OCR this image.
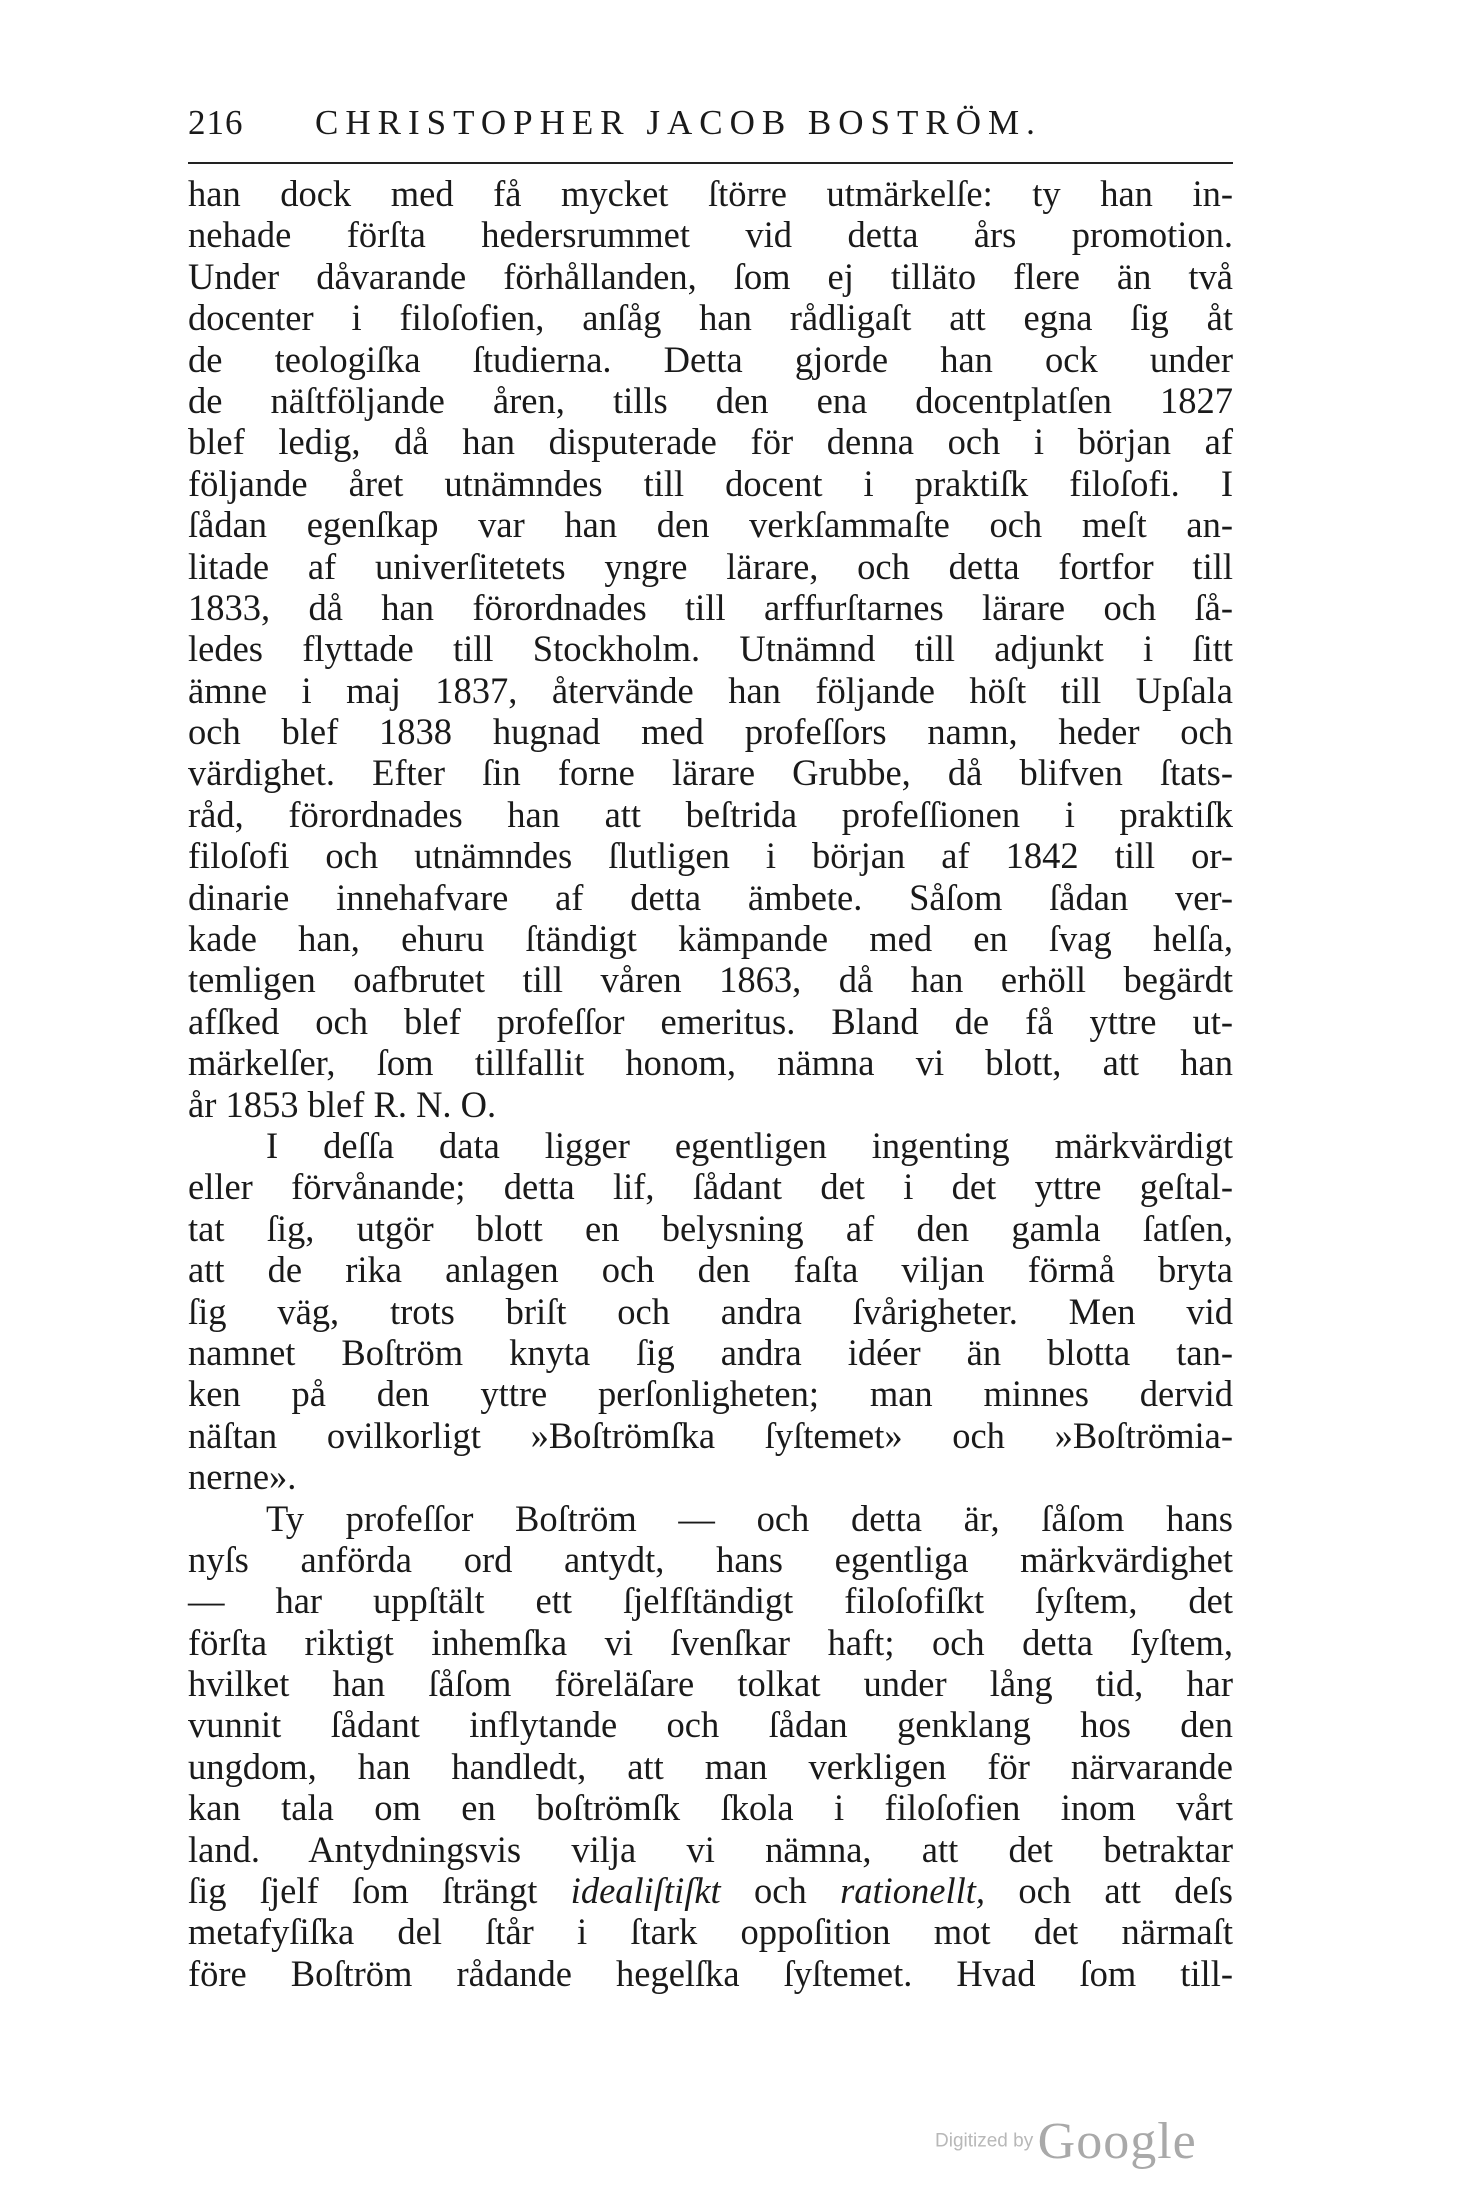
216 CHRISTOPHER JACOB BOSTRÖM.
han dock med få mycket ſtörre utmärkelſe: ty han in-
nehade förſta hedersrummet vid detta års promotion.
Under dåvarande förhållanden, ſom ej tilläto flere än två
docenter i filoſofien, anſåg han rådligaſt att egna ſig åt
de teologiſka ſtudierna. Detta gjorde han ock under
de näſtföljande åren, tills den ena docentplatſen 1827
blef ledig, då han disputerade för denna och i början af
följande året utnämndes till docent i praktiſk filoſofi. I
ſådan egenſkap var han den verkſammaſte och meſt an-
litade af univerſitetets yngre lärare, och detta fortfor till
1833, då han förordnades till arffurſtarnes lärare och ſå-
ledes flyttade till Stockholm. Utnämnd till adjunkt i ſitt
ämne i maj 1837, återvände han följande höſt till Upſala
och blef 1838 hugnad med profeſſors namn, heder och
värdighet. Efter ſin forne lärare Grubbe, då blifven ſtats-
råd, förordnades han att beſtrida profeſſionen i praktiſk
filoſofi och utnämndes ſlutligen i början af 1842 till or-
dinarie innehafvare af detta ämbete. Såſom ſådan ver-
kade han, ehuru ſtändigt kämpande med en ſvag helſa,
temligen oafbrutet till våren 1863, då han erhöll begärdt
afſked och blef profeſſor emeritus. Bland de få yttre ut-
märkelſer, ſom tillfallit honom, nämna vi blott, att han
år 1853 blef R. N. O.
I deſſa data ligger egentligen ingenting märkvärdigt
eller förvånande; detta lif, ſådant det i det yttre geſtal-
tat ſig, utgör blott en belysning af den gamla ſatſen,
att de rika anlagen och den faſta viljan förmå bryta
ſig väg, trots briſt och andra ſvårigheter. Men vid
namnet Boſtröm knyta ſig andra idéer än blotta tan-
ken på den yttre perſonligheten; man minnes dervid
näſtan ovilkorligt »Boſtrömſka ſyſtemet» och »Boſtrömia-
nerne».
Ty profeſſor Boſtröm — och detta är, ſåſom hans
nyſs anförda ord antydt, hans egentliga märkvärdighet
— har uppſtält ett ſjelfſtändigt filoſofiſkt ſyſtem, det
förſta riktigt inhemſka vi ſvenſkar haft; och detta ſyſtem,
hvilket han ſåſom föreläſare tolkat under lång tid, har
vunnit ſådant inflytande och ſådan genklang hos den
ungdom, han handledt, att man verkligen för närvarande
kan tala om en boſtrömſk ſkola i filoſofien inom vårt
land. Antydningsvis vilja vi nämna, att det betraktar
ſig ſjelf ſom ſträngt idealiſtiſkt och rationellt, och att deſs
metafyſiſka del ſtår i ſtark oppoſition mot det närmaſt
före Boſtröm rådande hegelſka ſyſtemet. Hvad ſom till-
Digitized by Google
